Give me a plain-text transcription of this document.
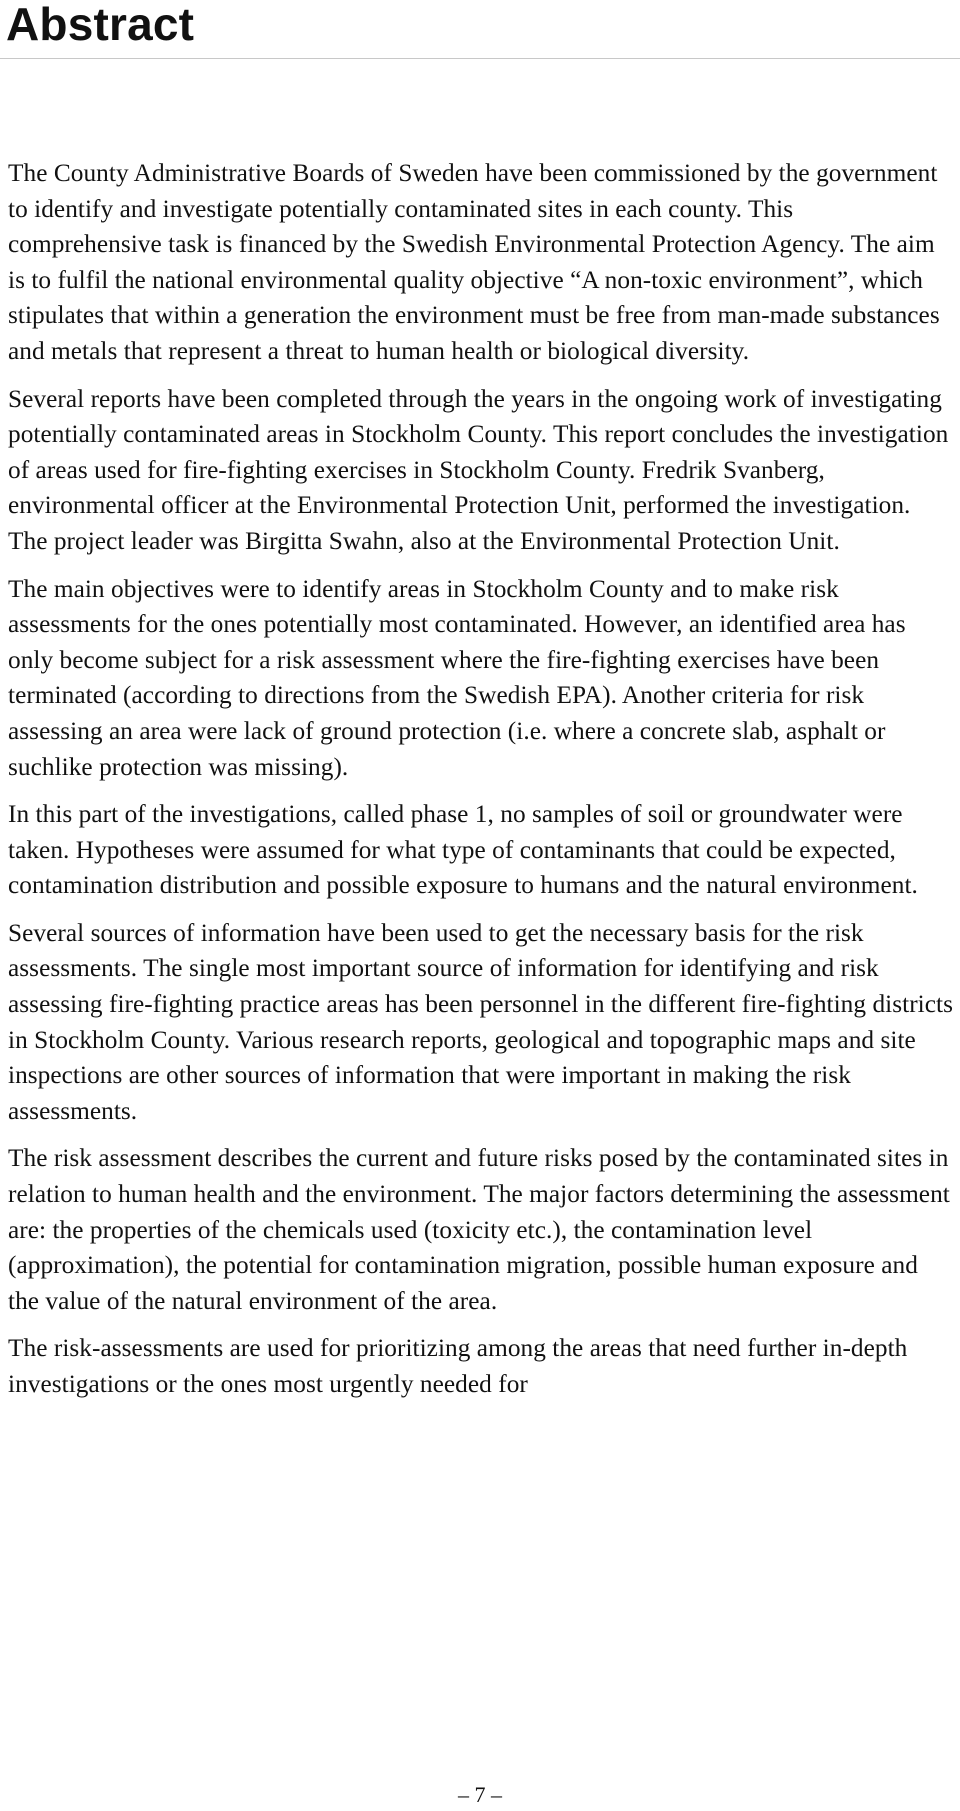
Abstract

The County Administrative Boards of Sweden have been commissioned by the government to identify and investigate potentially contaminated sites in each county. This comprehensive task is financed by the Swedish Environmental Protection Agency. The aim is to fulfil the national environmental quality objective “A non-toxic environment”, which stipulates that within a generation the environment must be free from man-made substances and metals that represent a threat to human health or biological diversity.

Several reports have been completed through the years in the ongoing work of investigating potentially contaminated areas in Stockholm County. This report concludes the investigation of areas used for fire-fighting exercises in Stockholm County. Fredrik Svanberg, environmental officer at the Environmental Protection Unit, performed the investigation. The project leader was Birgitta Swahn, also at the Environmental Protection Unit.

The main objectives were to identify areas in Stockholm County and to make risk assessments for the ones potentially most contaminated. However, an identified area has only become subject for a risk assessment where the fire-fighting exercises have been terminated (according to directions from the Swedish EPA). Another criteria for risk assessing an area were lack of ground protection (i.e. where a concrete slab, asphalt or suchlike protection was missing).

In this part of the investigations, called phase 1, no samples of soil or groundwater were taken. Hypotheses were assumed for what type of contaminants that could be expected, contamination distribution and possible exposure to humans and the natural environment.

Several sources of information have been used to get the necessary basis for the risk assessments. The single most important source of information for identifying and risk assessing fire-fighting practice areas has been personnel in the different fire-fighting districts in Stockholm County. Various research reports, geological and topographic maps and site inspections are other sources of information that were important in making the risk assessments.

The risk assessment describes the current and future risks posed by the contaminated sites in relation to human health and the environment. The major factors determining the assessment are: the properties of the chemicals used (toxicity etc.), the contamination level (approximation), the potential for contamination migration, possible human exposure and the value of the natural environment of the area.

The risk-assessments are used for prioritizing among the areas that need further in-depth investigations or the ones most urgently needed for

– 7 –
